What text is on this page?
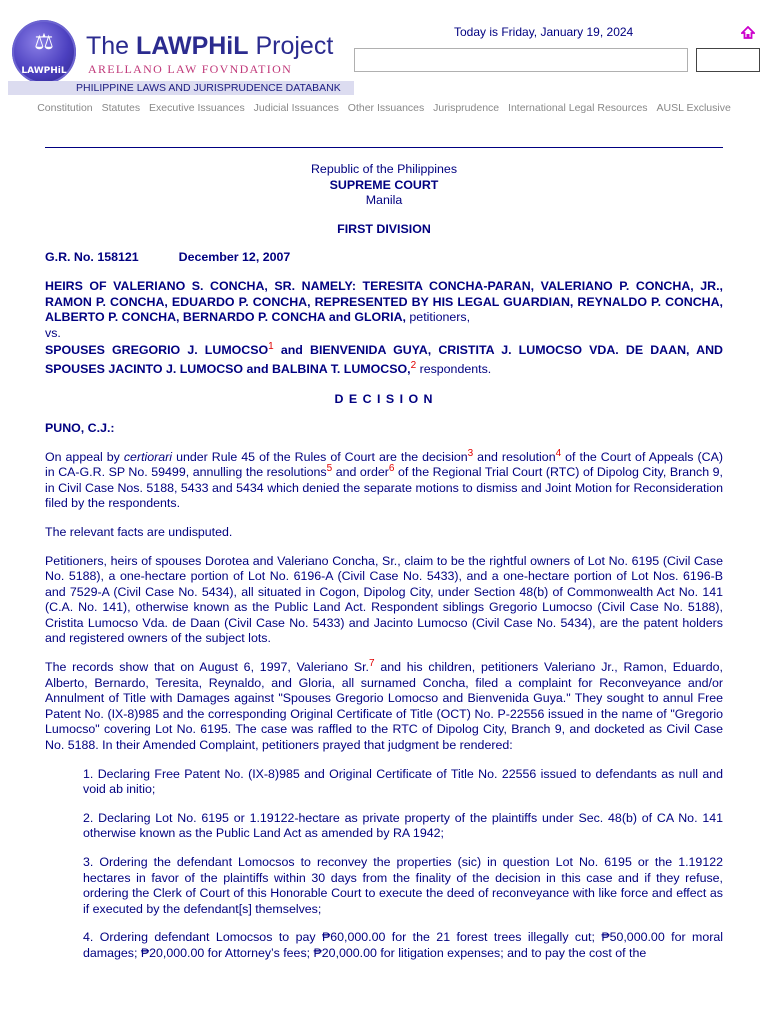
⚖
LAWPHiL
The LAWPHiL Project
ARELLANO LAW FOVNDATION
PHILIPPINE LAWS AND JURISPRUDENCE DATABANK
Today is Friday, January 19, 2024
Constitution Statutes Executive Issuances Judicial Issuances Other Issuances Jurisprudence International Legal Resources AUSL Exclusive

Republic of the Philippines

SUPREME COURT

Manila

FIRST DIVISION

G.R. No. 158121	December 12, 2007

HEIRS OF VALERIANO S. CONCHA, SR. NAMELY: TERESITA CONCHA-PARAN, VALERIANO P. CONCHA, JR., RAMON P. CONCHA, EDUARDO P. CONCHA, REPRESENTED BY HIS LEGAL GUARDIAN, REYNALDO P. CONCHA, ALBERTO P. CONCHA, BERNARDO P. CONCHA and GLORIA, petitioners,

vs.

SPOUSES GREGORIO J. LUMOCSO$^1$ and BIENVENIDA GUYA, CRISTITA J. LUMOCSO VDA. DE DAAN, AND SPOUSES JACINTO J. LUMOCSO and BALBINA T. LUMOCSO,$^2$ respondents.

D E C I S I O N

PUNO, C.J.:

On appeal by certiorari under Rule 45 of the Rules of Court are the decision$^3$ and resolution$^4$ of the Court of Appeals (CA) in CA-G.R. SP No. 59499, annulling the resolutions$^5$ and order$^6$ of the Regional Trial Court (RTC) of Dipolog City, Branch 9, in Civil Case Nos. 5188, 5433 and 5434 which denied the separate motions to dismiss and Joint Motion for Reconsideration filed by the respondents.

The relevant facts are undisputed.

Petitioners, heirs of spouses Dorotea and Valeriano Concha, Sr., claim to be the rightful owners of Lot No. 6195 (Civil Case No. 5188), a one-hectare portion of Lot No. 6196-A (Civil Case No. 5433), and a one-hectare portion of Lot Nos. 6196-B and 7529-A (Civil Case No. 5434), all situated in Cogon, Dipolog City, under Section 48(b) of Commonwealth Act No. 141 (C.A. No. 141), otherwise known as the Public Land Act. Respondent siblings Gregorio Lumocso (Civil Case No. 5188), Cristita Lumocso Vda. de Daan (Civil Case No. 5433) and Jacinto Lumocso (Civil Case No. 5434), are the patent holders and registered owners of the subject lots.

The records show that on August 6, 1997, Valeriano Sr.$^7$ and his children, petitioners Valeriano Jr., Ramon, Eduardo, Alberto, Bernardo, Teresita, Reynaldo, and Gloria, all surnamed Concha, filed a complaint for Reconveyance and/or Annulment of Title with Damages against "Spouses Gregorio Lomocso and Bienvenida Guya." They sought to annul Free Patent No. (IX-8)985 and the corresponding Original Certificate of Title (OCT) No. P-22556 issued in the name of "Gregorio Lumocso" covering Lot No. 6195. The case was raffled to the RTC of Dipolog City, Branch 9, and docketed as Civil Case No. 5188. In their Amended Complaint, petitioners prayed that judgment be rendered:

1. Declaring Free Patent No. (IX-8)985 and Original Certificate of Title No. 22556 issued to defendants as null and void ab initio;

2. Declaring Lot No. 6195 or 1.19122-hectare as private property of the plaintiffs under Sec. 48(b) of CA No. 141 otherwise known as the Public Land Act as amended by RA 1942;

3. Ordering the defendant Lomocsos to reconvey the properties (sic) in question Lot No. 6195 or the 1.19122 hectares in favor of the plaintiffs within 30 days from the finality of the decision in this case and if they refuse, ordering the Clerk of Court of this Honorable Court to execute the deed of reconveyance with like force and effect as if executed by the defendant[s] themselves;

4. Ordering defendant Lomocsos to pay ₱60,000.00 for the 21 forest trees illegally cut; ₱50,000.00 for moral damages; ₱20,000.00 for Attorney’s fees; ₱20,000.00 for litigation expenses; and to pay the cost of the
